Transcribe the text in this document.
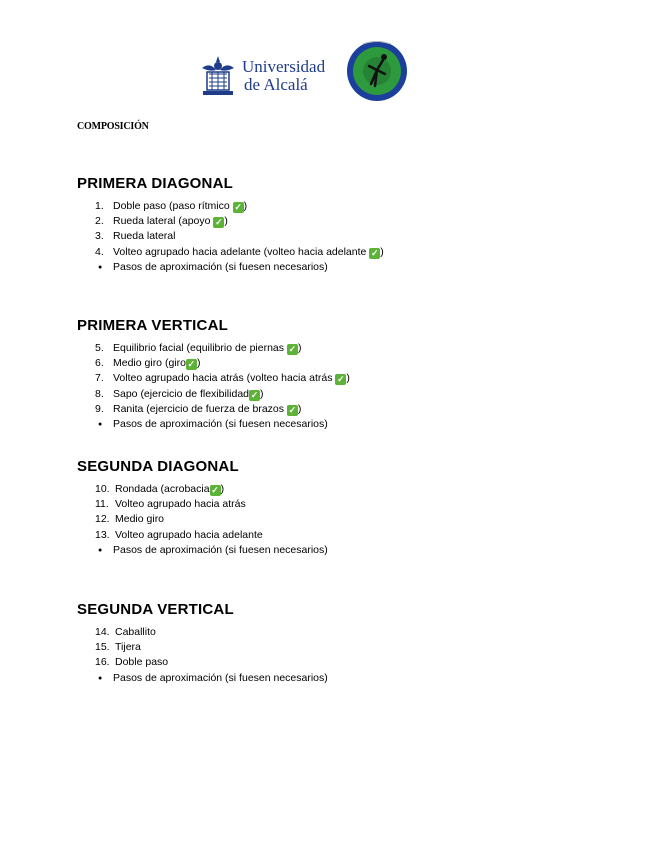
Universidad
de Alcalá
COMPOSICIÓN
PRIMERA DIAGONAL
1. Doble paso (paso rítmico ✓ )
2. Rueda lateral (apoyo ✓ )
3. Rueda lateral
4. Volteo agrupado hacia adelante (volteo hacia adelante ✓ )
● Pasos de aproximación (si fuesen necesarios)
PRIMERA VERTICAL
5. Equilibrio facial (equilibrio de piernas ✓ )
6. Medio giro (giro ✓ )
7. Volteo agrupado hacia atrás (volteo hacia atrás ✓ )
8. Sapo (ejercicio de flexibilidad ✓ )
9. Ranita (ejercicio de fuerza de brazos ✓ )
● Pasos de aproximación (si fuesen necesarios)
SEGUNDA DIAGONAL
10. Rondada (acrobacia ✓ )
11. Volteo agrupado hacia atrás
12. Medio giro
13. Volteo agrupado hacia adelante
● Pasos de aproximación (si fuesen necesarios)
SEGUNDA VERTICAL
14. Caballito
15. Tijera
16. Doble paso
● Pasos de aproximación (si fuesen necesarios)
